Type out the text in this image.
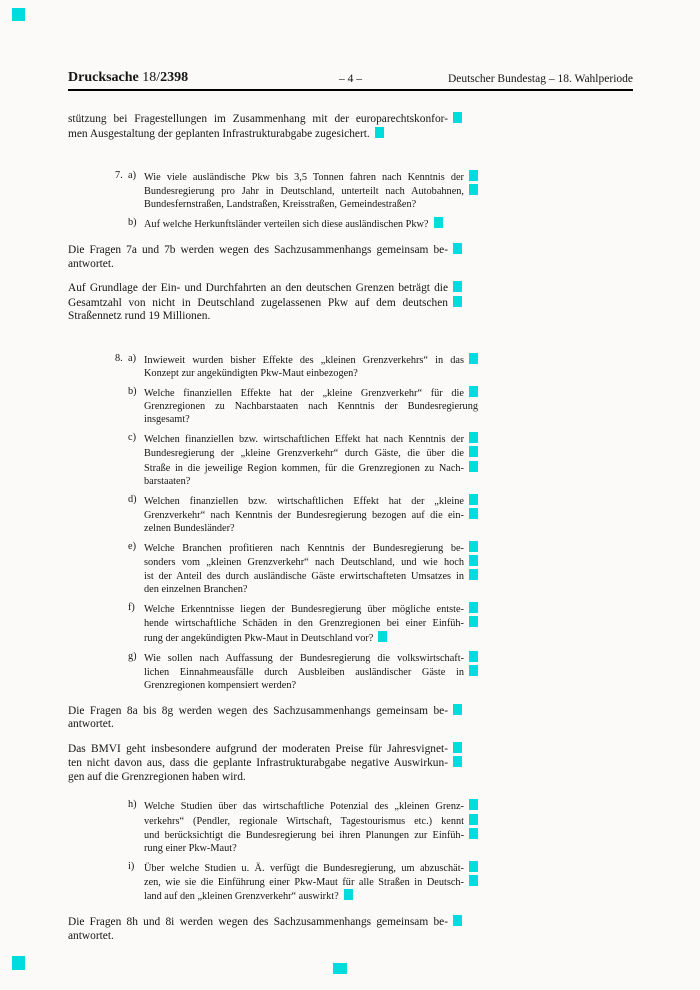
Drucksache 18/2398	– 4 –	Deutscher Bundestag – 18. Wahlperiode
stützung bei Fragestellungen im Zusammenhang mit der europarechtskonfor-
men Ausgestaltung der geplanten Infrastrukturabgabe zugesichert.
7. a) Wie viele ausländische Pkw bis 3,5 Tonnen fahren nach Kenntnis der
Bundesregierung pro Jahr in Deutschland, unterteilt nach Autobahnen,
Bundesfernstraßen, Landstraßen, Kreisstraßen, Gemeindestraßen?
b) Auf welche Herkunftsländer verteilen sich diese ausländischen Pkw?
Die Fragen 7a und 7b werden wegen des Sachzusammenhangs gemeinsam be-
antwortet.
Auf Grundlage der Ein- und Durchfahrten an den deutschen Grenzen beträgt die
Gesamtzahl von nicht in Deutschland zugelassenen Pkw auf dem deutschen
Straßennetz rund 19 Millionen.
8. a) Inwieweit wurden bisher Effekte des „kleinen Grenzverkehrs“ in das
Konzept zur angekündigten Pkw-Maut einbezogen?
b) Welche finanziellen Effekte hat der „kleine Grenzverkehr“ für die
Grenzregionen zu Nachbarstaaten nach Kenntnis der Bundesregierung
insgesamt?
c) Welchen finanziellen bzw. wirtschaftlichen Effekt hat nach Kenntnis der
Bundesregierung der „kleine Grenzverkehr“ durch Gäste, die über die
Straße in die jeweilige Region kommen, für die Grenzregionen zu Nach-
barstaaten?
d) Welchen finanziellen bzw. wirtschaftlichen Effekt hat der „kleine
Grenzverkehr“ nach Kenntnis der Bundesregierung bezogen auf die ein-
zelnen Bundesländer?
e) Welche Branchen profitieren nach Kenntnis der Bundesregierung be-
sonders vom „kleinen Grenzverkehr“ nach Deutschland, und wie hoch
ist der Anteil des durch ausländische Gäste erwirtschafteten Umsatzes in
den einzelnen Branchen?
f) Welche Erkenntnisse liegen der Bundesregierung über mögliche entste-
hende wirtschaftliche Schäden in den Grenzregionen bei einer Einfüh-
rung der angekündigten Pkw-Maut in Deutschland vor?
g) Wie sollen nach Auffassung der Bundesregierung die volkswirtschaft-
lichen Einnahmeausfälle durch Ausbleiben ausländischer Gäste in
Grenzregionen kompensiert werden?
Die Fragen 8a bis 8g werden wegen des Sachzusammenhangs gemeinsam be-
antwortet.
Das BMVI geht insbesondere aufgrund der moderaten Preise für Jahresvignet-
ten nicht davon aus, dass die geplante Infrastrukturabgabe negative Auswirkun-
gen auf die Grenzregionen haben wird.
h) Welche Studien über das wirtschaftliche Potenzial des „kleinen Grenz-
verkehrs“ (Pendler, regionale Wirtschaft, Tagestourismus etc.) kennt
und berücksichtigt die Bundesregierung bei ihren Planungen zur Einfüh-
rung einer Pkw-Maut?
i) Über welche Studien u. Ä. verfügt die Bundesregierung, um abzuschät-
zen, wie sie die Einführung einer Pkw-Maut für alle Straßen in Deutsch-
land auf den „kleinen Grenzverkehr“ auswirkt?
Die Fragen 8h und 8i werden wegen des Sachzusammenhangs gemeinsam be-
antwortet.
